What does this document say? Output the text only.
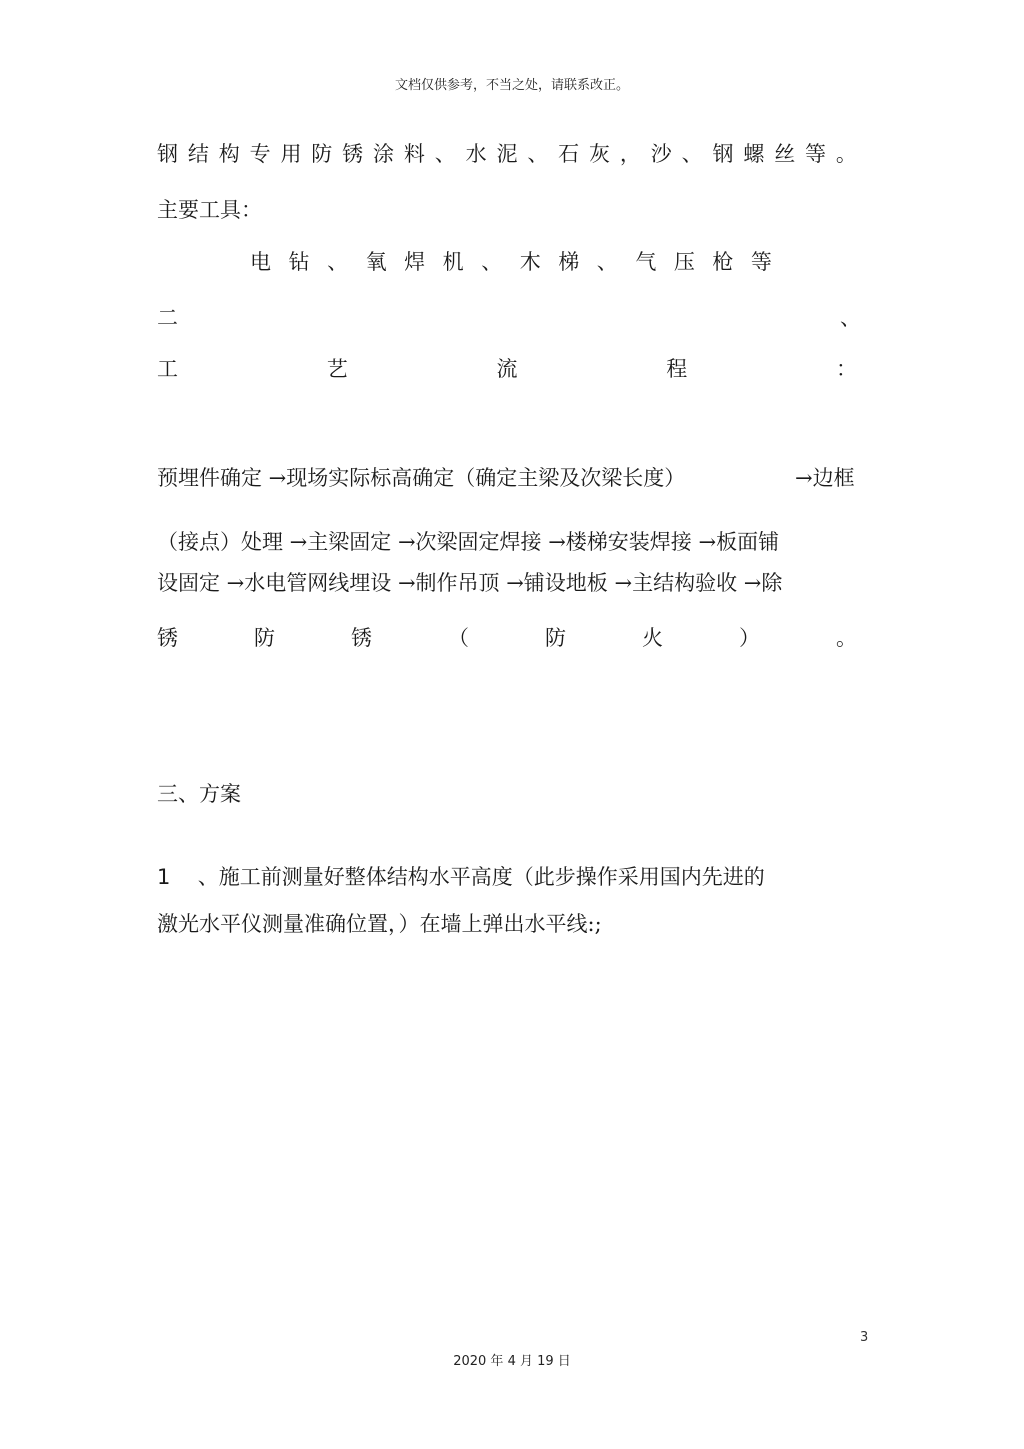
文档仅供参考，不当之处，请联系改正。
钢 结 构 专 用 防 锈 涂 料 、 水 泥 、 石 灰 ， 沙 、 钢 螺 丝 等 。
主要工具：
电 钻 、 氧 焊 机 、 木 梯 、 气 压 枪 等
二	、
工	艺	流	程	：
预埋件确定 →现场实际标高确定（确定主梁及次梁长度）	→边框
（接点）处理 →主梁固定 →次梁固定焊接 →楼梯安装焊接 →板面铺
设固定 →水电管网线埋设 →制作吊顶 →铺设地板 →主结构验收 →除
锈	防	锈	（	防	火	）	。
三、方案
1 、施工前测量好整体结构水平高度（此步操作采用国内先进的
激光水平仪测量准确位置，）在墙上弹出水平线:;
3
2020 年 4 月 19 日
